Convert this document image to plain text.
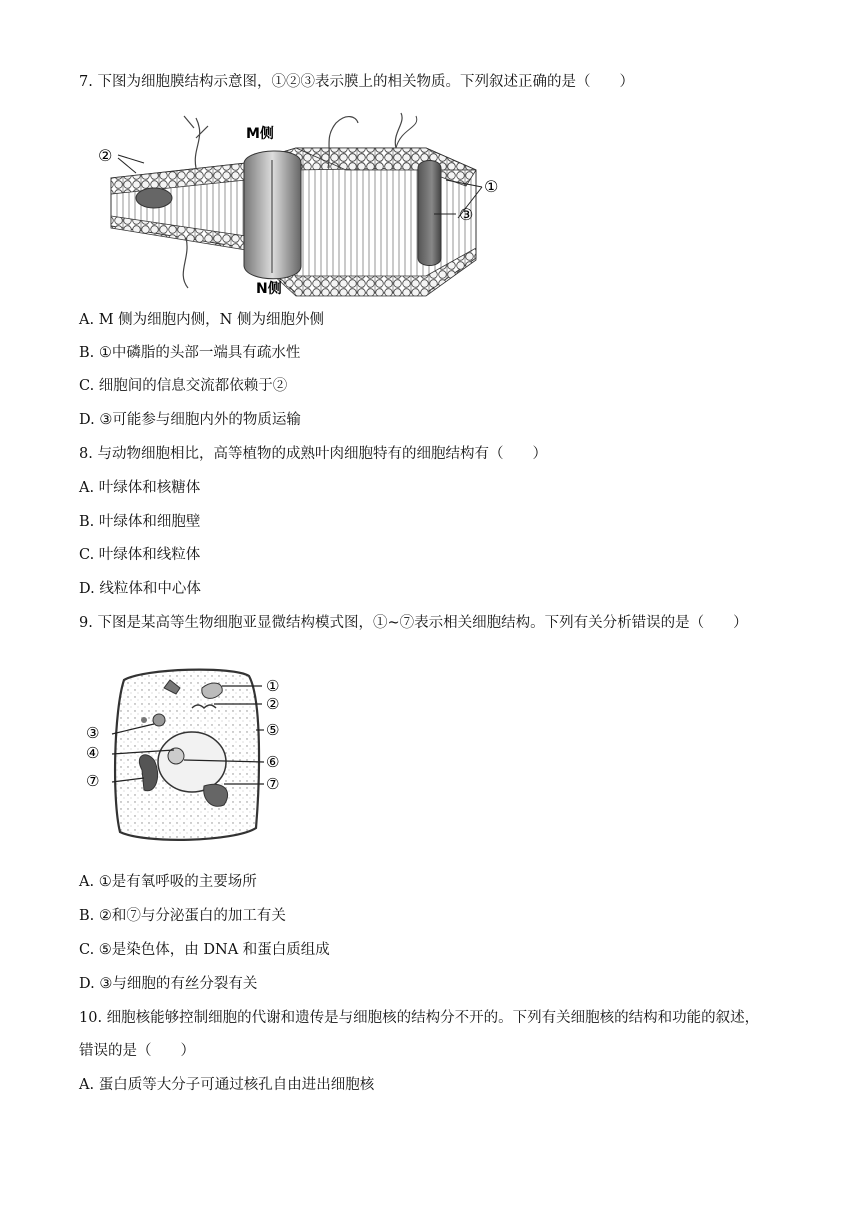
7. 下图为细胞膜结构示意图，①②③表示膜上的相关物质。下列叙述正确的是（　　）
M侧
N侧
②
①
③
A. M 侧为细胞内侧，N 侧为细胞外侧
B. ①中磷脂的头部一端具有疏水性
C. 细胞间的信息交流都依赖于②
D. ③可能参与细胞内外的物质运输
8. 与动物细胞相比，高等植物的成熟叶肉细胞特有的细胞结构有（　　）
A. 叶绿体和核糖体
B. 叶绿体和细胞壁
C. 叶绿体和线粒体
D. 线粒体和中心体
9. 下图是某高等生物细胞亚显微结构模式图，①~⑦表示相关细胞结构。下列有关分析错误的是（　　）
①
②
③
④
⑤
⑥
⑦	⑦
A. ①是有氧呼吸的主要场所
B. ②和⑦与分泌蛋白的加工有关
C. ⑤是染色体，由 DNA 和蛋白质组成
D. ③与细胞的有丝分裂有关
10. 细胞核能够控制细胞的代谢和遗传是与细胞核的结构分不开的。下列有关细胞核的结构和功能的叙述，
错误的是（　　）
A. 蛋白质等大分子可通过核孔自由进出细胞核
